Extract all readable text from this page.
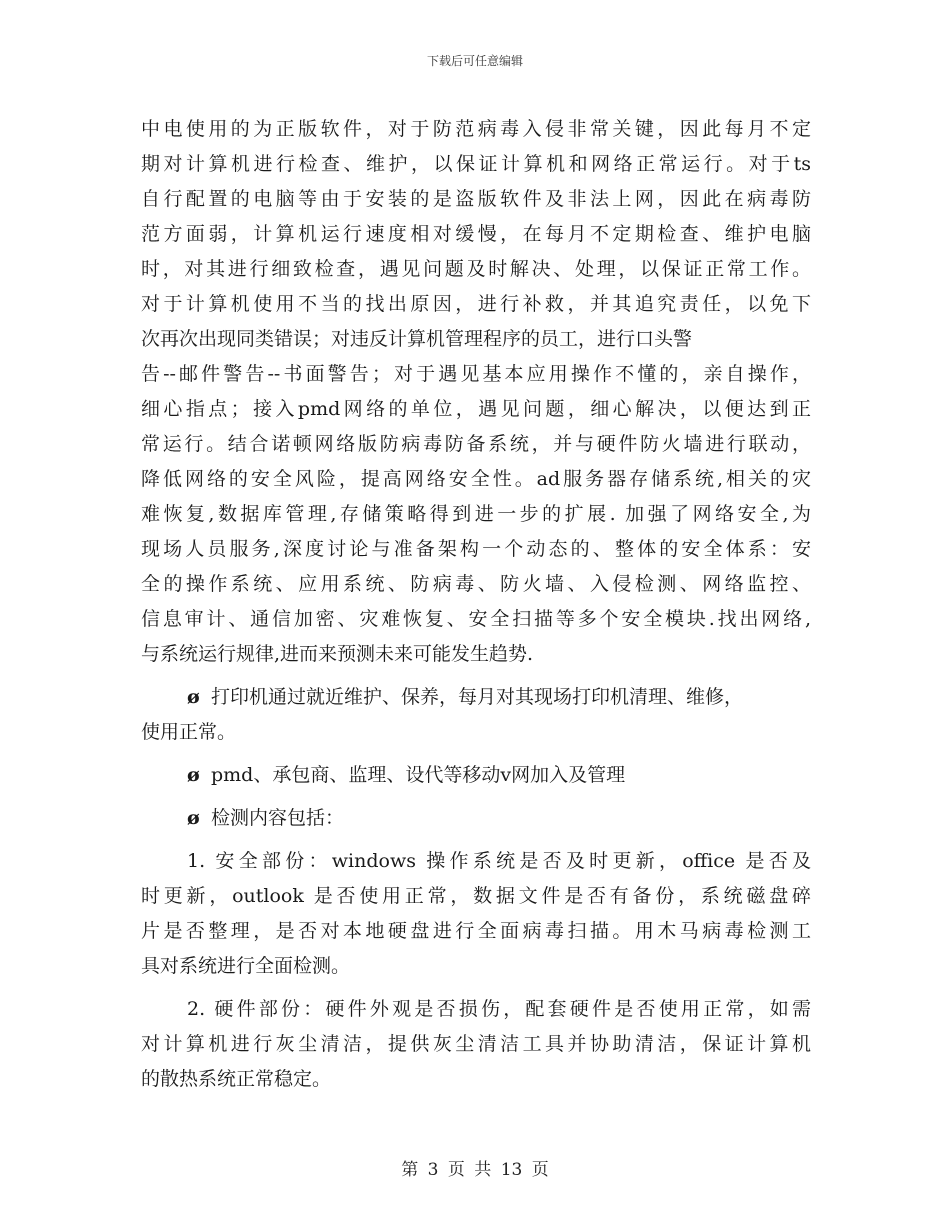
下载后可任意编辑
中电使用的为正版软件，对于防范病毒入侵非常关键，因此每月不定
期对计算机进行检查、维护，以保证计算机和网络正常运行。对于ts
自行配置的电脑等由于安装的是盗版软件及非法上网，因此在病毒防
范方面弱，计算机运行速度相对缓慢，在每月不定期检查、维护电脑
时，对其进行细致检查，遇见问题及时解决、处理，以保证正常工作。
对于计算机使用不当的找出原因，进行补救，并其追究责任，以免下
次再次出现同类错误；对违反计算机管理程序的员工，进行口头警
告--邮件警告--书面警告；对于遇见基本应用操作不懂的，亲自操作，
细心指点；接入pmd网络的单位，遇见问题，细心解决，以便达到正
常运行。结合诺顿网络版防病毒防备系统，并与硬件防火墙进行联动，
降低网络的安全风险，提高网络安全性。ad服务器存储系统,相关的灾
难恢复,数据库管理,存储策略得到进一步的扩展. 加强了网络安全,为
现场人员服务,深度讨论与准备架构一个动态的、整体的安全体系：安
全的操作系统、应用系统、防病毒、防火墙、入侵检测、网络监控、
信息审计、通信加密、灾难恢复、安全扫描等多个安全模块.找出网络,
与系统运行规律,进而来预测未来可能发生趋势.
ø 打印机通过就近维护、保养，每月对其现场打印机清理、维修，
使用正常。
ø pmd、承包商、监理、设代等移动v网加入及管理
ø 检测内容包括：
1. 安全部份：windows 操作系统是否及时更新，office 是否及
时更新，outlook 是否使用正常，数据文件是否有备份，系统磁盘碎
片是否整理，是否对本地硬盘进行全面病毒扫描。用木马病毒检测工
具对系统进行全面检测。
2. 硬件部份：硬件外观是否损伤，配套硬件是否使用正常，如需
对计算机进行灰尘清洁，提供灰尘清洁工具并协助清洁，保证计算机
的散热系统正常稳定。
第 3 页 共 13 页
